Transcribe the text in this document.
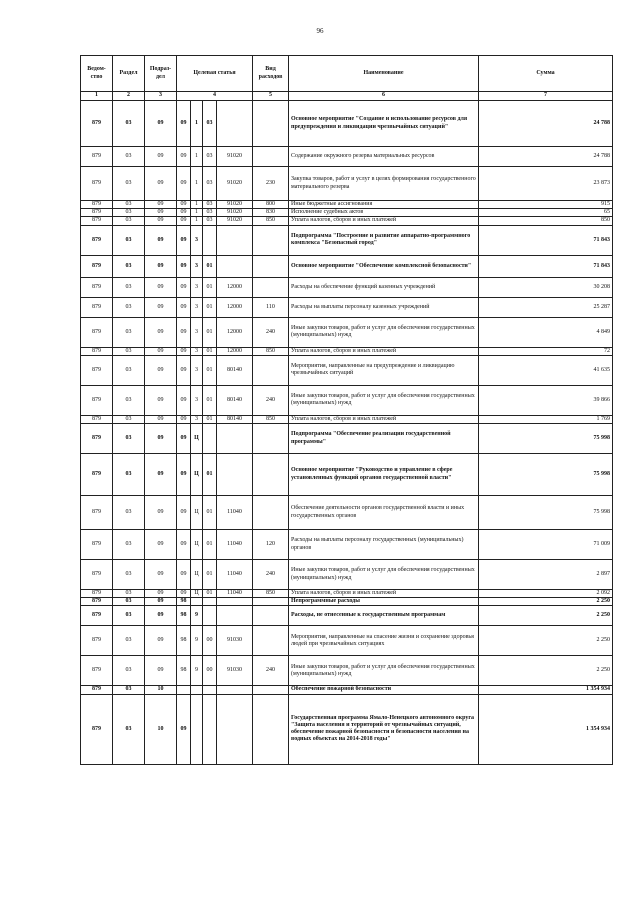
96
Ведом-ство	Раздел	Подраз-дел	Целевая статья				Вид расходов	Наименование	Сумма
1	2	3	4				5	6	7
879	03	09	09	1	03			Основное мероприятие "Создание и использование ресурсов для предупреждения и ликвидации чрезвычайных ситуаций"	24 788
879	03	09	09	1	03	91020		Содержание окружного резерва материальных ресурсов	24 788
879	03	09	09	1	03	91020	230	Закупка товаров, работ и услуг в целях формирования государственного материального резерва	23 873
879	03	09	09	1	03	91020	800	Иные бюджетные ассигнования	915
879	03	09	09	1	03	91020	830	Исполнение судебных актов	65
879	03	09	09	1	03	91020	850	Уплата налогов, сборов и иных платежей	850
879	03	09	09	3				Подпрограмма "Построение и развитие аппаратно-программного комплекса "Безопасный город"	71 843
879	03	09	09	3	01			Основное мероприятие "Обеспечение комплексной безопасности"	71 843
879	03	09	09	3	01	12000		Расходы на обеспечение функций казенных учреждений	30 208
879	03	09	09	3	01	12000	110	Расходы на выплаты персоналу казенных учреждений	25 287
879	03	09	09	3	01	12000	240	Иные закупки товаров, работ и услуг для обеспечения государственных (муниципальных) нужд	4 849
879	03	09	09	3	01	12000	850	Уплата налогов, сборов и иных платежей	72
879	03	09	09	3	01	80140		Мероприятия, направленные на предупреждение и ликвидацию чрезвычайных ситуаций	41 635
879	03	09	09	3	01	80140	240	Иные закупки товаров, работ и услуг для обеспечения государственных (муниципальных) нужд	39 866
879	03	09	09	3	01	80140	850	Уплата налогов, сборов и иных платежей	1 769
879	03	09	09	Ц				Подпрограмма "Обеспечение реализации государственной программы"	75 998
879	03	09	09	Ц	01			Основное мероприятие "Руководство и управление в сфере установленных функций органов государственной власти"	75 998
879	03	09	09	Ц	01	11040		Обеспечение деятельности органов государственной власти и иных государственных органов	75 998
879	03	09	09	Ц	01	11040	120	Расходы на выплаты персоналу государственных (муниципальных) органов	71 009
879	03	09	09	Ц	01	11040	240	Иные закупки товаров, работ и услуг для обеспечения государственных (муниципальных) нужд	2 897
879	03	09	09	Ц	01	11040	850	Уплата налогов, сборов и иных платежей	2 092
879	03	09	98					Непрограммные расходы	2 250
879	03	09	98	9				Расходы, не отнесенные к государственным программам	2 250
879	03	09	98	9	00	91030		Мероприятия, направленные на спасение жизни и сохранение здоровья людей при чрезвычайных ситуациях	2 250
879	03	09	98	9	00	91030	240	Иные закупки товаров, работ и услуг для обеспечения государственных (муниципальных) нужд	2 250
879	03	10						Обеспечение пожарной безопасности	1 354 934
879	03	10	09					Государственная программа Ямало-Ненецкого автономного округа "Защита населения и территорий от чрезвычайных ситуаций, обеспечение пожарной безопасности и безопасности населения на водных объектах на 2014-2018 годы"	1 354 934
